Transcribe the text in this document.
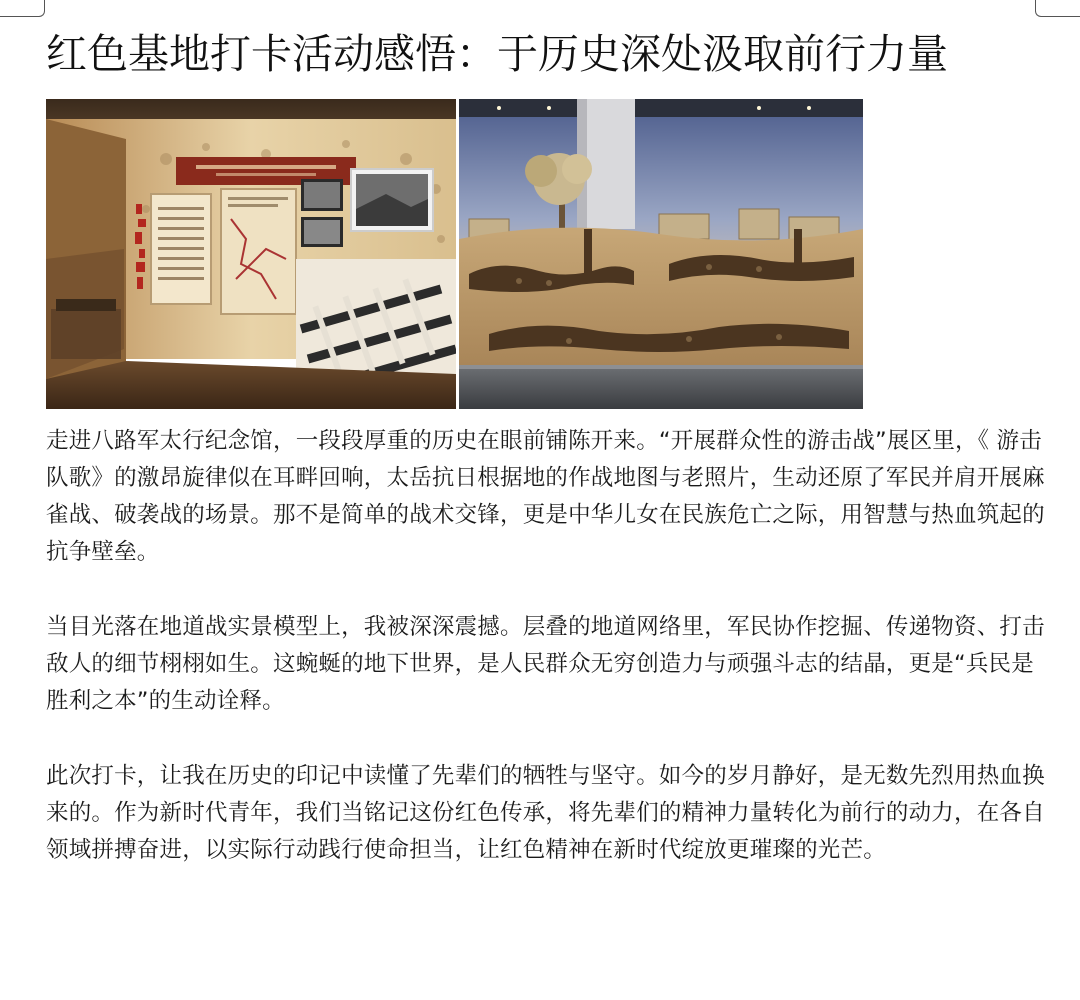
红色基地打卡活动感悟：于历史深处汲取前行力量

走进八路军太行纪念馆，一段段厚重的历史在眼前铺陈开来。“开展群众性的游击战”展区里，《 游击队歌》的激昂旋律似在耳畔回响，太岳抗日根据地的作战地图与老照片，生动还原了军民并肩开展麻雀战、破袭战的场景。那不是简单的战术交锋，更是中华儿女在民族危亡之际，用智慧与热血筑起的抗争壁垒。

当目光落在地道战实景模型上，我被深深震撼。层叠的地道网络里，军民协作挖掘、传递物资、打击敌人的细节栩栩如生。这蜿蜒的地下世界，是人民群众无穷创造力与顽强斗志的结晶，更是“兵民是胜利之本”的生动诠释。

此次打卡，让我在历史的印记中读懂了先辈们的牺牲与坚守。如今的岁月静好，是无数先烈用热血换来的。作为新时代青年，我们当铭记这份红色传承，将先辈们的精神力量转化为前行的动力，在各自领域拼搏奋进，以实际行动践行使命担当，让红色精神在新时代绽放更璀璨的光芒。
